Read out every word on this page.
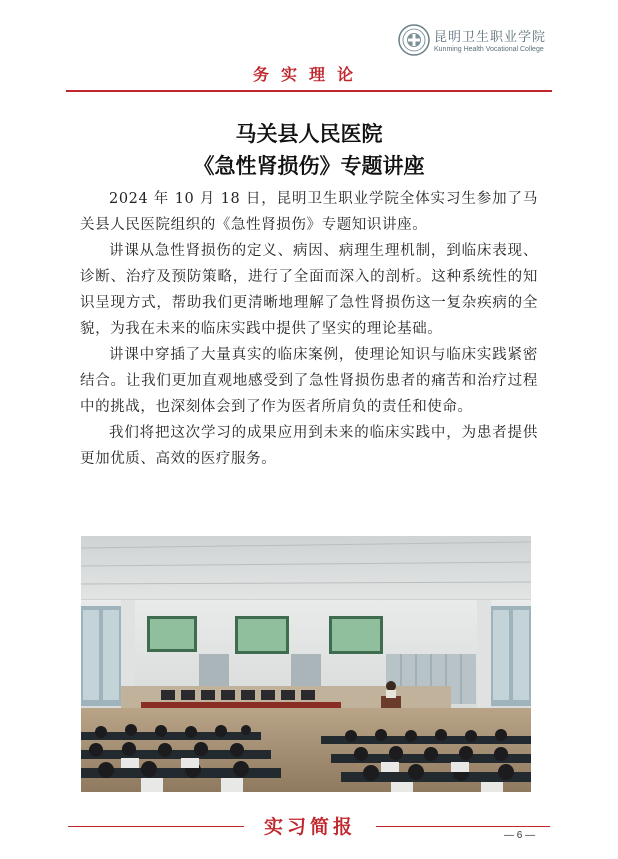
昆明卫生职业学院
Kunming Health Vocational College
务实理论
马关县人民医院
《急性肾损伤》专题讲座

2024 年 10 月 18 日，昆明卫生职业学院全体实习生参加了马关县人民医院组织的《急性肾损伤》专题知识讲座。

讲课从急性肾损伤的定义、病因、病理生理机制，到临床表现、诊断、治疗及预防策略，进行了全面而深入的剖析。这种系统性的知识呈现方式，帮助我们更清晰地理解了急性肾损伤这一复杂疾病的全貌，为我在未来的临床实践中提供了坚实的理论基础。

讲课中穿插了大量真实的临床案例，使理论知识与临床实践紧密结合。让我们更加直观地感受到了急性肾损伤患者的痛苦和治疗过程中的挑战，也深刻体会到了作为医者所肩负的责任和使命。

我们将把这次学习的成果应用到未来的临床实践中，为患者提供更加优质、高效的医疗服务。

实习简报	— 6 —
